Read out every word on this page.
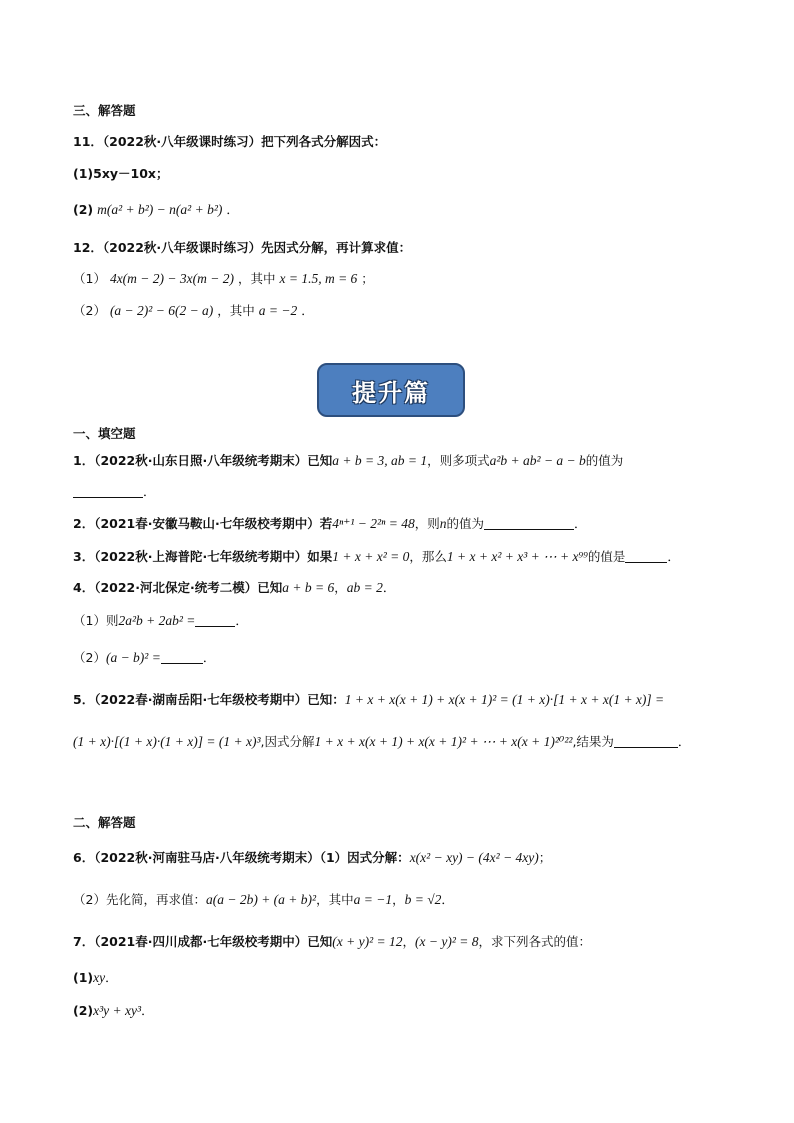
三、解答题
11．（2022秋·八年级课时练习）把下列各式分解因式：
(1)5xy－10x；
(2) m(a² + b²) − n(a² + b²) ．
12．（2022秋·八年级课时练习）先因式分解，再计算求值：
（1） 4x(m − 2) − 3x(m − 2) ，其中 x = 1.5, m = 6 ；
（2） (a − 2)² − 6(2 − a) ，其中 a = −2 ．
提升篇
一、填空题
1．（2022秋·山东日照·八年级统考期末）已知a + b = 3, ab = 1，则多项式a²b + ab² − a − b的值为
．
2．（2021春·安徽马鞍山·七年级校考期中）若4ⁿ⁺¹ − 2²ⁿ = 48，则n的值为	．
3．（2022秋·上海普陀·七年级统考期中）如果1 + x + x² = 0，那么1 + x + x² + x³ + ⋯ + x⁹⁹的值是	．
4．（2022·河北保定·统考二模）已知a + b = 6，ab = 2．
（1）则2a²b + 2ab² =	．
（2）(a − b)² =	．
5．（2022春·湖南岳阳·七年级校考期中）已知：1 + x + x(x + 1) + x(x + 1)² = (1 + x)·[1 + x + x(1 + x)] =
(1 + x)·[(1 + x)·(1 + x)] = (1 + x)³,因式分解1 + x + x(x + 1) + x(x + 1)² + ⋯ + x(x + 1)²⁰²²,结果为	．
二、解答题
6．（2022秋·河南驻马店·八年级统考期末）（1）因式分解：x(x² − xy) − (4x² − 4xy)；
（2）先化简，再求值：a(a − 2b) + (a + b)²，其中a = −1，b = √2．
7．（2021春·四川成都·七年级校考期中）已知(x + y)² = 12，(x − y)² = 8，求下列各式的值：
(1)xy．
(2)x³y + xy³．
